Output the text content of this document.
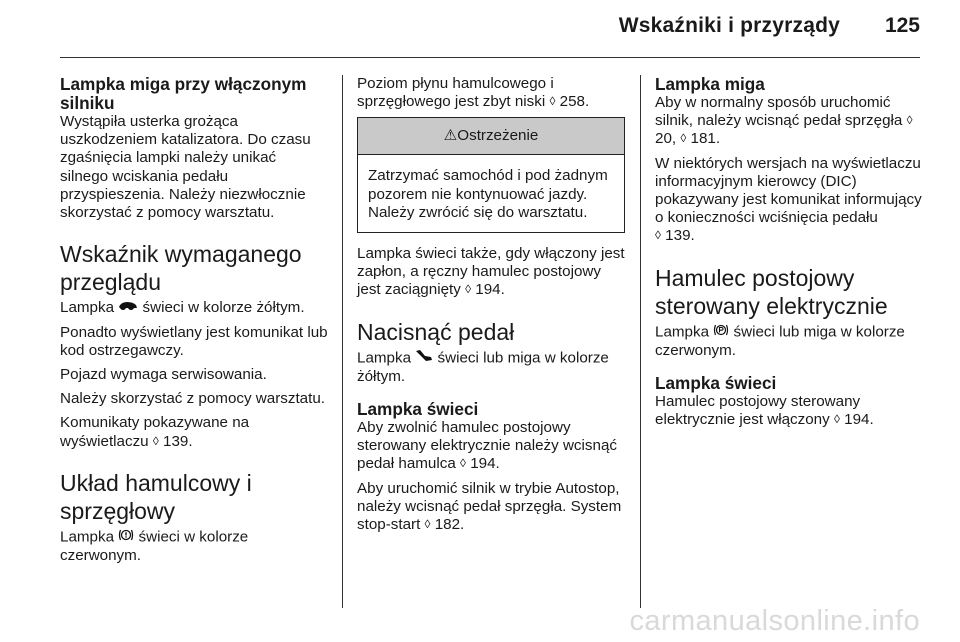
Wskaźniki i przyrządy 125
Lampka miga przy włączonym silniku

Wystąpiła usterka grożąca uszkodzeniem katalizatora. Do czasu zgaśnięcia lampki należy unikać silnego wciskania pedału przyspieszenia. Należy niezwłocznie skorzystać z pomocy warsztatu.

Wskaźnik wymaganego przeglądu

Lampka świeci w kolorze żółtym.

Ponadto wyświetlany jest komunikat lub kod ostrzegawczy.

Pojazd wymaga serwisowania.

Należy skorzystać z pomocy warsztatu.

Komunikaty pokazywane na wyświetlaczu ◊ 139.

Układ hamulcowy i sprzęgłowy

Lampka świeci w kolorze czerwonym.

Poziom płynu hamulcowego i sprzęgłowego jest zbyt niski ◊ 258.

⚠Ostrzeżenie
Zatrzymać samochód i pod żadnym pozorem nie kontynuować jazdy. Należy zwrócić się do warsztatu.

Lampka świeci także, gdy włączony jest zapłon, a ręczny hamulec postojowy jest zaciągnięty ◊ 194.

Nacisnąć pedał

Lampka świeci lub miga w kolorze żółtym.

Lampka świeci

Aby zwolnić hamulec postojowy sterowany elektrycznie należy wcisnąć pedał hamulca ◊ 194.

Aby uruchomić silnik w trybie Autostop, należy wcisnąć pedał sprzęgła. System stop-start ◊ 182.

Lampka miga

Aby w normalny sposób uruchomić silnik, należy wcisnąć pedał sprzęgła ◊ 20, ◊ 181.

W niektórych wersjach na wyświetlaczu informacyjnym kierowcy (DIC) pokazywany jest komunikat informujący o konieczności wciśnięcia pedału
◊ 139.

Hamulec postojowy sterowany elektrycznie

Lampka świeci lub miga w kolorze czerwonym.

Lampka świeci

Hamulec postojowy sterowany elektrycznie jest włączony ◊ 194.

carmanualsonline.info
